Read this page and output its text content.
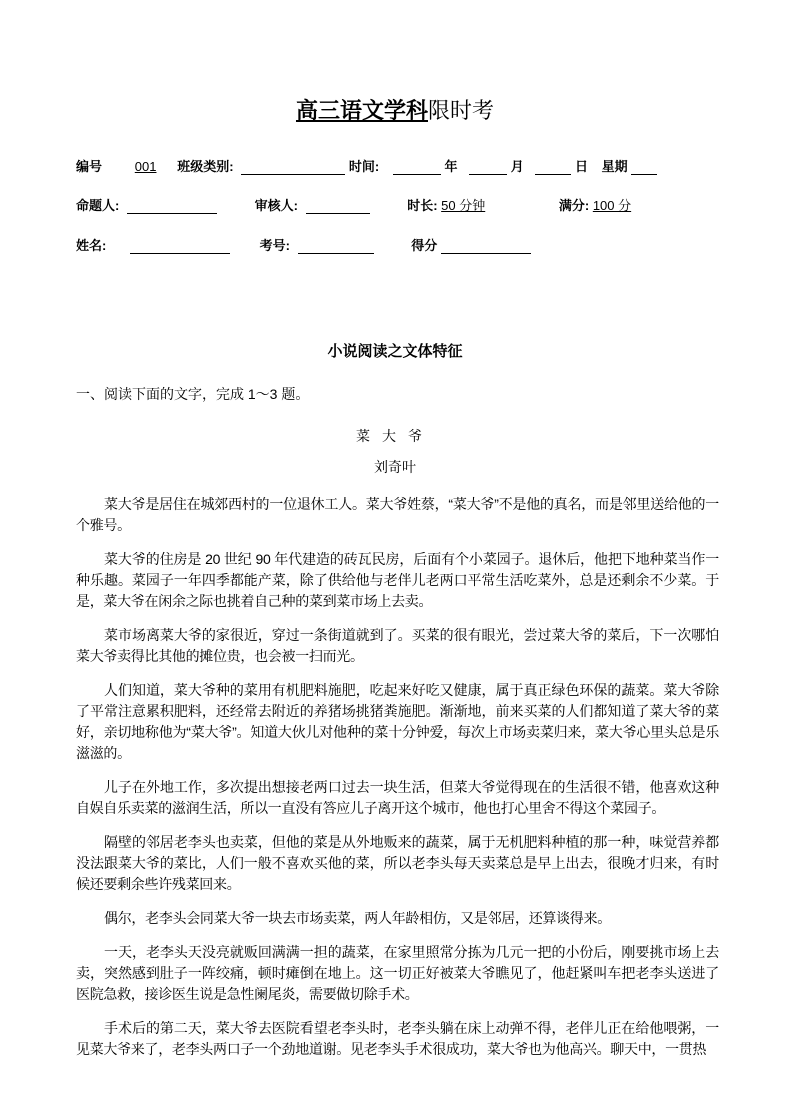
高三语文学科限时考
编号	001 班级类别:	时间:	年	月	日 星期
命题人:	审核人:	时长: 50 分钟	满分: 100 分
姓名:	考号:	得分
小说阅读之文体特征
一、阅读下面的文字，完成 1～3 题。
菜大爷
刘奇叶

菜大爷是居住在城郊西村的一位退休工人。菜大爷姓蔡，“菜大爷”不是他的真名，而是邻里送给他的一个雅号。

菜大爷的住房是 20 世纪 90 年代建造的砖瓦民房，后面有个小菜园子。退休后，他把下地种菜当作一种乐趣。菜园子一年四季都能产菜，除了供给他与老伴儿老两口平常生活吃菜外，总是还剩余不少菜。于是，菜大爷在闲余之际也挑着自己种的菜到菜市场上去卖。

菜市场离菜大爷的家很近，穿过一条街道就到了。买菜的很有眼光，尝过菜大爷的菜后，下一次哪怕菜大爷卖得比其他的摊位贵，也会被一扫而光。

人们知道，菜大爷种的菜用有机肥料施肥，吃起来好吃又健康，属于真正绿色环保的蔬菜。菜大爷除了平常注意累积肥料，还经常去附近的养猪场挑猪粪施肥。渐渐地，前来买菜的人们都知道了菜大爷的菜好，亲切地称他为“菜大爷”。知道大伙儿对他种的菜十分钟爱，每次上市场卖菜归来，菜大爷心里头总是乐滋滋的。

儿子在外地工作，多次提出想接老两口过去一块生活，但菜大爷觉得现在的生活很不错，他喜欢这种自娱自乐卖菜的滋润生活，所以一直没有答应儿子离开这个城市，他也打心里舍不得这个菜园子。

隔壁的邻居老李头也卖菜，但他的菜是从外地贩来的蔬菜，属于无机肥料种植的那一种，味觉营养都没法跟菜大爷的菜比，人们一般不喜欢买他的菜，所以老李头每天卖菜总是早上出去，很晚才归来，有时候还要剩余些许残菜回来。

偶尔，老李头会同菜大爷一块去市场卖菜，两人年龄相仿，又是邻居，还算谈得来。

一天，老李头天没亮就贩回满满一担的蔬菜，在家里照常分拣为几元一把的小份后，刚要挑市场上去卖，突然感到肚子一阵绞痛，顿时瘫倒在地上。这一切正好被菜大爷瞧见了，他赶紧叫车把老李头送进了医院急救，接诊医生说是急性阑尾炎，需要做切除手术。

手术后的第二天，菜大爷去医院看望老李头时，老李头躺在床上动弹不得，老伴儿正在给他喂粥，一见菜大爷来了，老李头两口子一个劲地道谢。见老李头手术很成功，菜大爷也为他高兴。聊天中，一贯热
